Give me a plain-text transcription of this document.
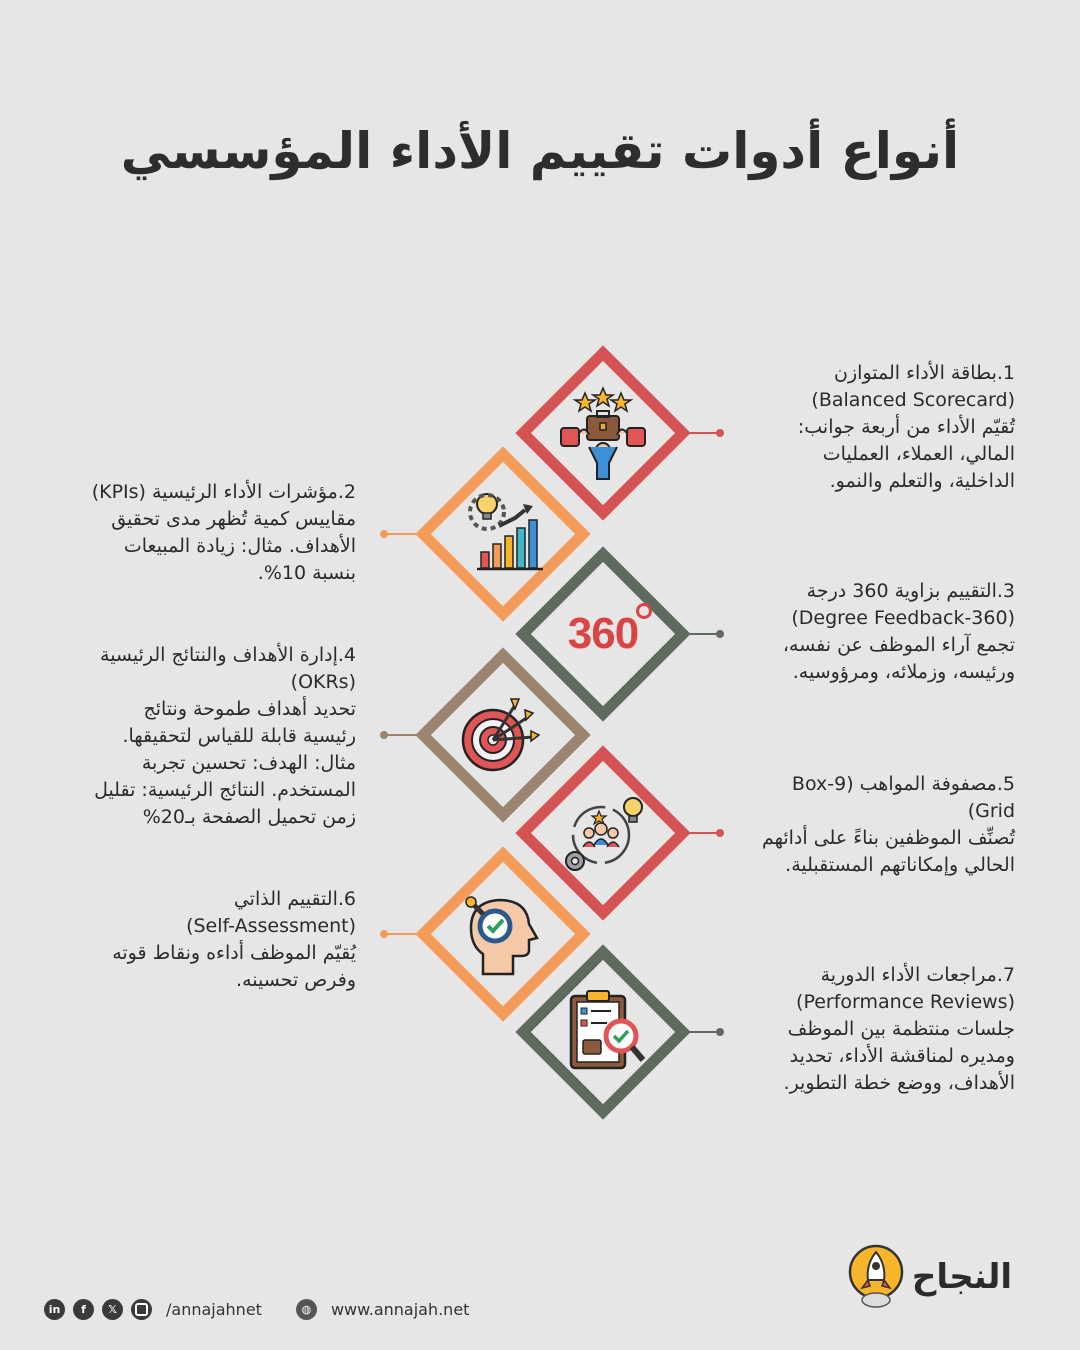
أنواع أدوات تقييم الأداء المؤسسي

1.بطاقة الأداء المتوازن

(Balanced Scorecard)

تُقيّم الأداء من أربعة جوانب:

المالي، العملاء، العمليات

الداخلية، والتعلم والنمو.

2.مؤشرات الأداء الرئيسية (KPIs)

مقاييس كمية تُظهر مدى تحقيق

الأهداف. مثال: زيادة المبيعات

بنسبة 10%.

360

3.التقييم بزاوية 360 درجة

(Degree Feedback-360)

تجمع آراء الموظف عن نفسه،

ورئيسه، وزملائه، ومرؤوسيه.

4.إدارة الأهداف والنتائج الرئيسية

(OKRs)

تحديد أهداف طموحة ونتائج

رئيسية قابلة للقياس لتحقيقها.

مثال: الهدف: تحسين تجربة

المستخدم. النتائج الرئيسية: تقليل

زمن تحميل الصفحة بـ20%

5.مصفوفة المواهب (9-Box

Grid)

تُصنِّف الموظفين بناءً على أدائهم

الحالي وإمكاناتهم المستقبلية.

6.التقييم الذاتي

(Self-Assessment)

يُقيّم الموظف أداءه ونقاط قوته

وفرص تحسينه.	7.مراجعات الأداء الدورية

(Performance Reviews)

جلسات منتظمة بين الموظف

ومديره لمناقشة الأداء، تحديد

الأهداف، ووضع خطة التطوير.

in	f	𝕏	/annajahnet	◍	www.annajah.net
النجاح
